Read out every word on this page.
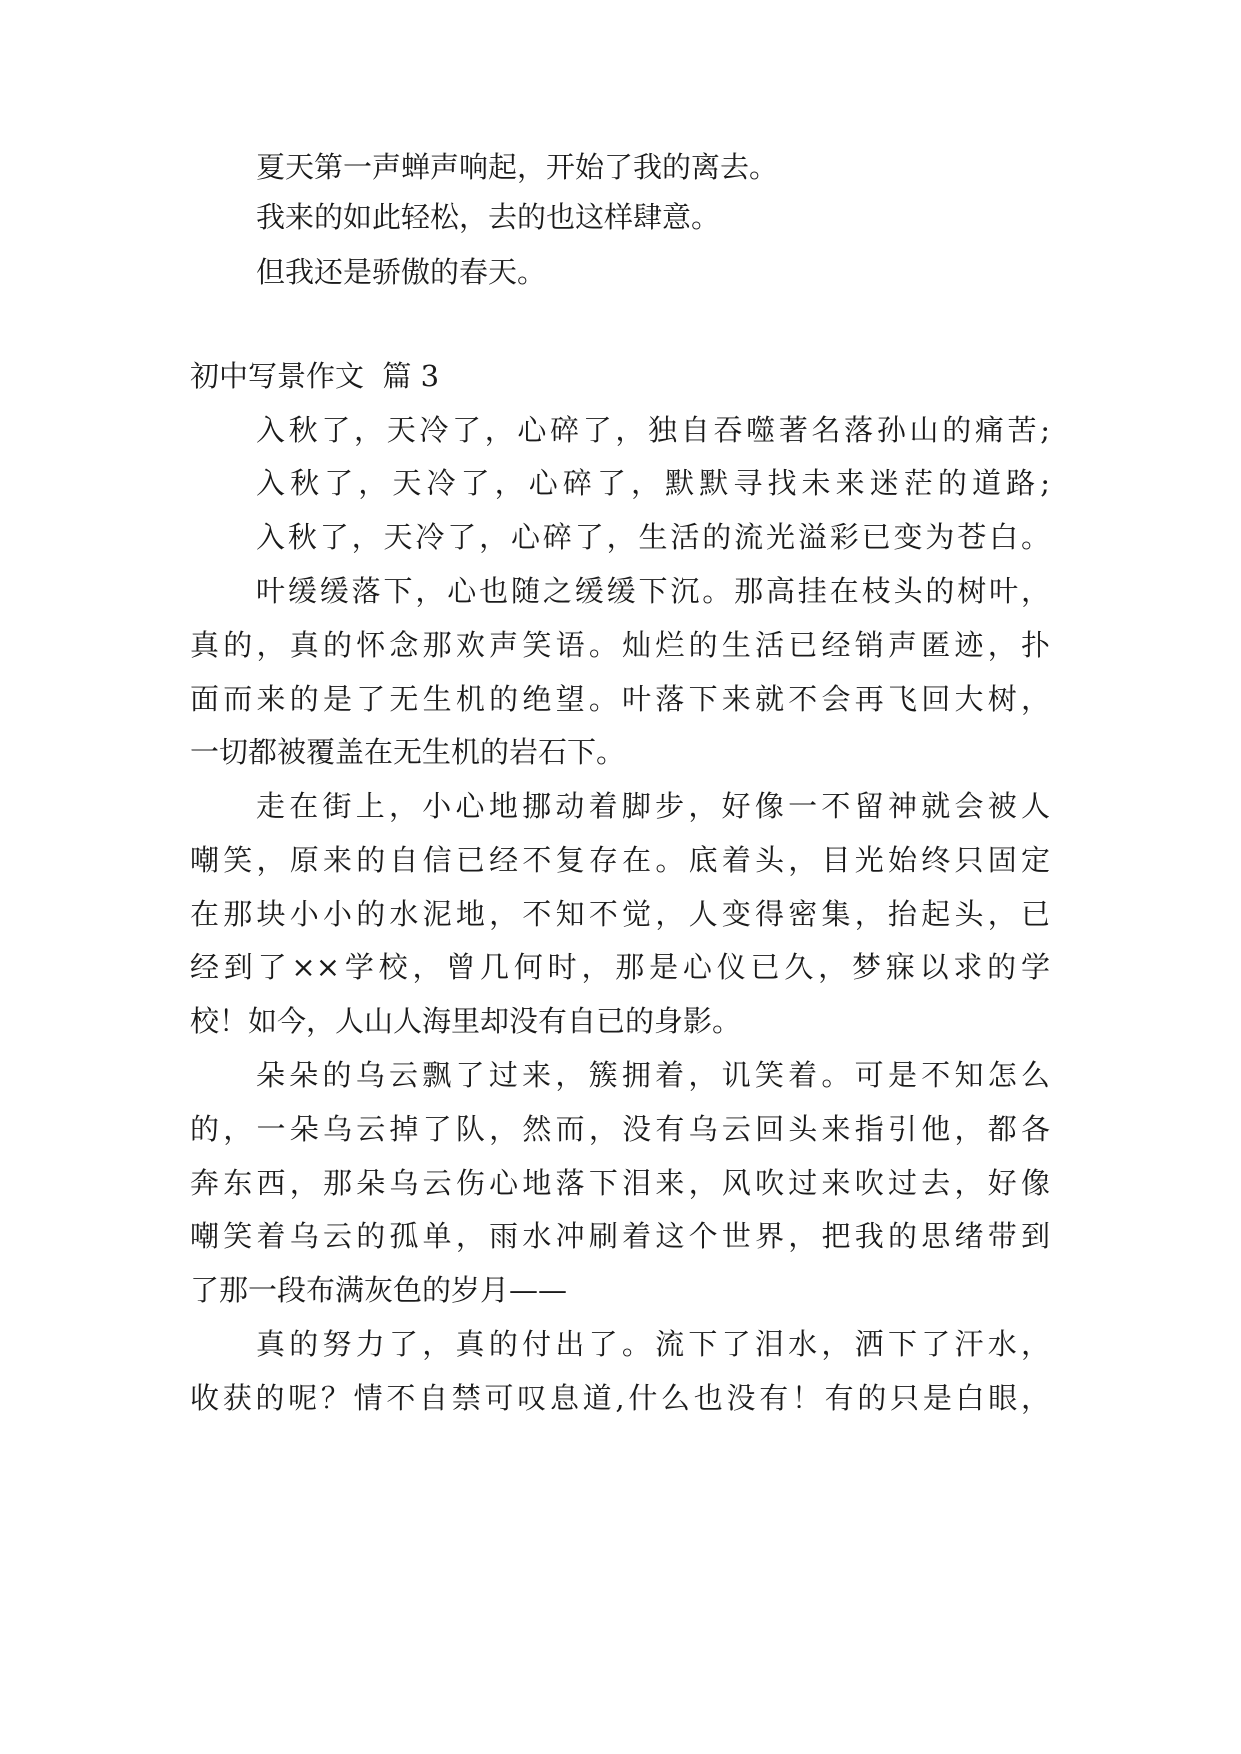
夏天第一声蝉声响起，开始了我的离去。
我来的如此轻松，去的也这样肆意。
但我还是骄傲的春天。
初中写景作文  篇 3
入秋了，天冷了，心碎了，独自吞噬著名落孙山的痛苦;
入秋了，天冷了，心碎了，默默寻找未来迷茫的道路;
入秋了，天冷了，心碎了，生活的流光溢彩已变为苍白。
叶缓缓落下，心也随之缓缓下沉。那高挂在枝头的树叶，
真的，真的怀念那欢声笑语。灿烂的生活已经销声匿迹，扑
面而来的是了无生机的绝望。叶落下来就不会再飞回大树，
一切都被覆盖在无生机的岩石下。
走在街上，小心地挪动着脚步，好像一不留神就会被人
嘲笑，原来的自信已经不复存在。底着头，目光始终只固定
在那块小小的水泥地，不知不觉，人变得密集，抬起头，已
经到了××学校，曾几何时，那是心仪已久，梦寐以求的学
校！如今，人山人海里却没有自已的身影。
朵朵的乌云飘了过来，簇拥着，讥笑着。可是不知怎么
的，一朵乌云掉了队，然而，没有乌云回头来指引他，都各
奔东西，那朵乌云伤心地落下泪来，风吹过来吹过去，好像
嘲笑着乌云的孤单，雨水冲刷着这个世界，把我的思绪带到
了那一段布满灰色的岁月——
真的努力了，真的付出了。流下了泪水，洒下了汗水，
收获的呢？情不自禁可叹息道,什么也没有！有的只是白眼，
